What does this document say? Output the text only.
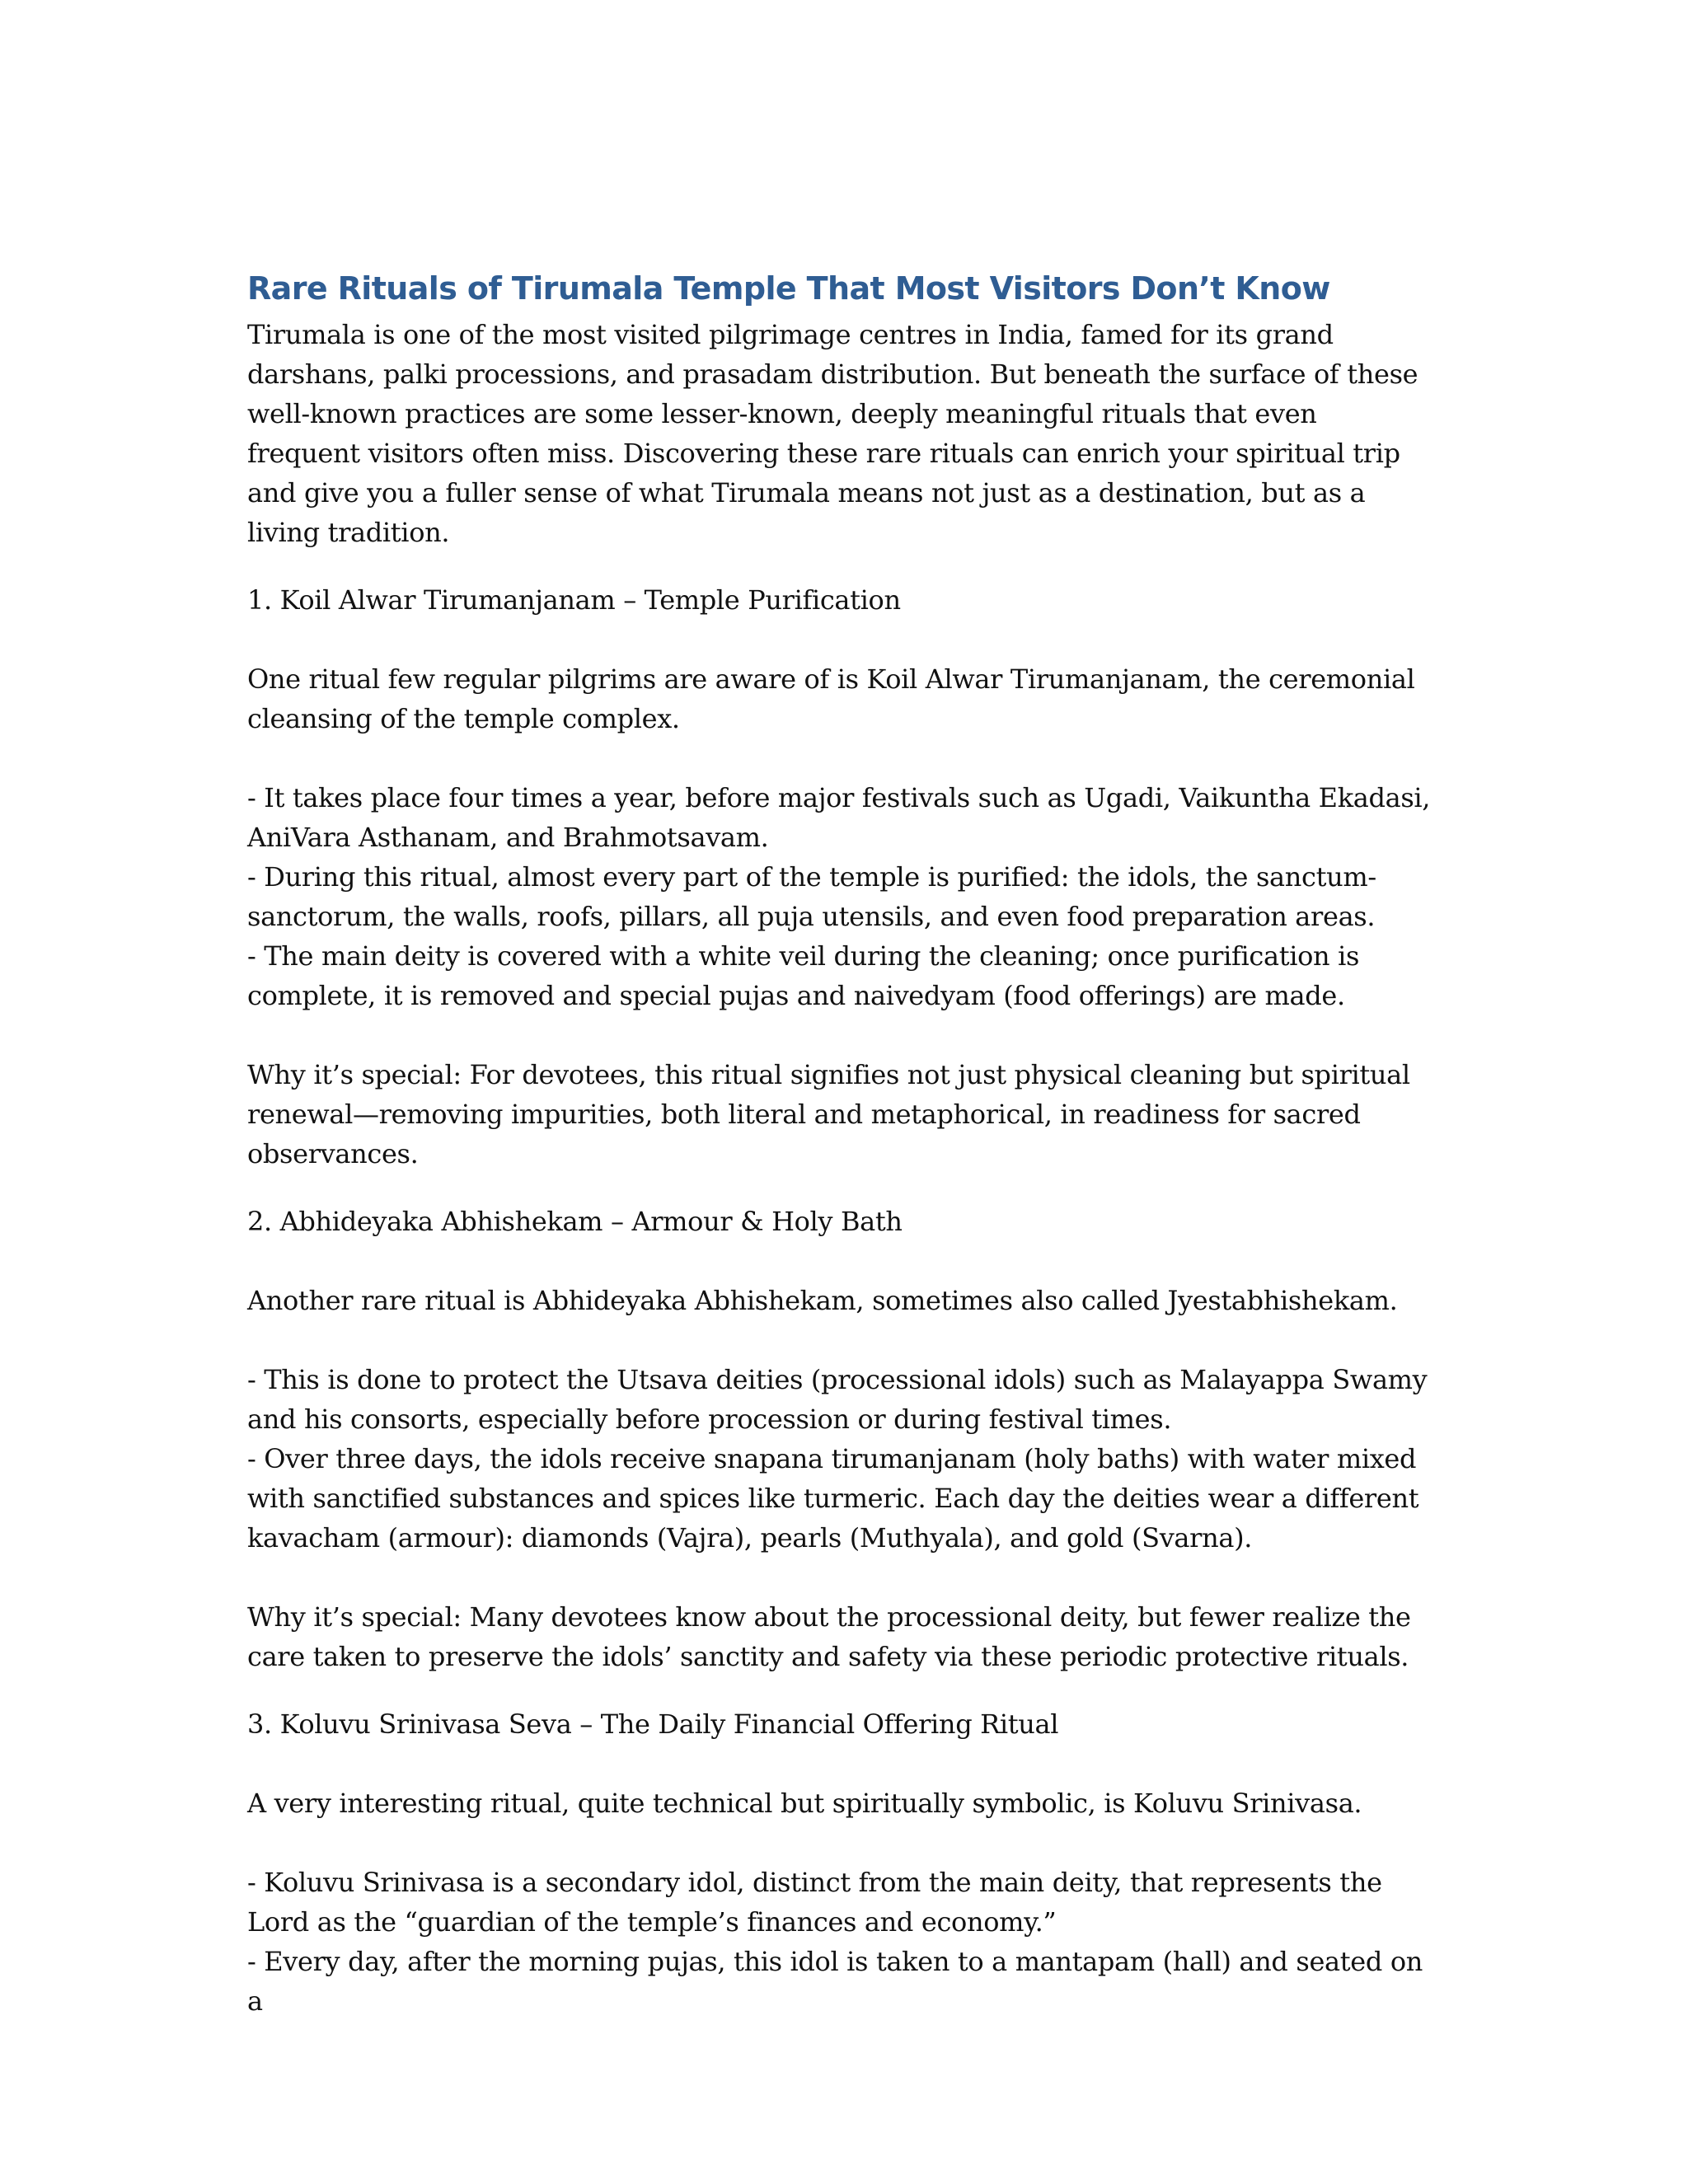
Rare Rituals of Tirumala Temple That Most Visitors Don’t Know

Tirumala is one of the most visited pilgrimage centres in India, famed for its grand darshans, palki processions, and prasadam distribution. But beneath the surface of these well-known practices are some lesser-known, deeply meaningful rituals that even frequent visitors often miss. Discovering these rare rituals can enrich your spiritual trip and give you a fuller sense of what Tirumala means not just as a destination, but as a living tradition.

1. Koil Alwar Tirumanjanam – Temple Purification

One ritual few regular pilgrims are aware of is Koil Alwar Tirumanjanam, the ceremonial cleansing of the temple complex.

- It takes place four times a year, before major festivals such as Ugadi, Vaikuntha Ekadasi, AniVara Asthanam, and Brahmotsavam.

- During this ritual, almost every part of the temple is purified: the idols, the sanctum-sanctorum, the walls, roofs, pillars, all puja utensils, and even food preparation areas.

- The main deity is covered with a white veil during the cleaning; once purification is complete, it is removed and special pujas and naivedyam (food offerings) are made.

Why it’s special: For devotees, this ritual signifies not just physical cleaning but spiritual renewal—removing impurities, both literal and metaphorical, in readiness for sacred observances.

2. Abhideyaka Abhishekam – Armour & Holy Bath

Another rare ritual is Abhideyaka Abhishekam, sometimes also called Jyestabhishekam.

- This is done to protect the Utsava deities (processional idols) such as Malayappa Swamy and his consorts, especially before procession or during festival times.

- Over three days, the idols receive snapana tirumanjanam (holy baths) with water mixed with sanctified substances and spices like turmeric. Each day the deities wear a different kavacham (armour): diamonds (Vajra), pearls (Muthyala), and gold (Svarna).

Why it’s special: Many devotees know about the processional deity, but fewer realize the care taken to preserve the idols’ sanctity and safety via these periodic protective rituals.

3. Koluvu Srinivasa Seva – The Daily Financial Offering Ritual

A very interesting ritual, quite technical but spiritually symbolic, is Koluvu Srinivasa.

- Koluvu Srinivasa is a secondary idol, distinct from the main deity, that represents the Lord as the “guardian of the temple’s finances and economy.”

- Every day, after the morning pujas, this idol is taken to a mantapam (hall) and seated on a
